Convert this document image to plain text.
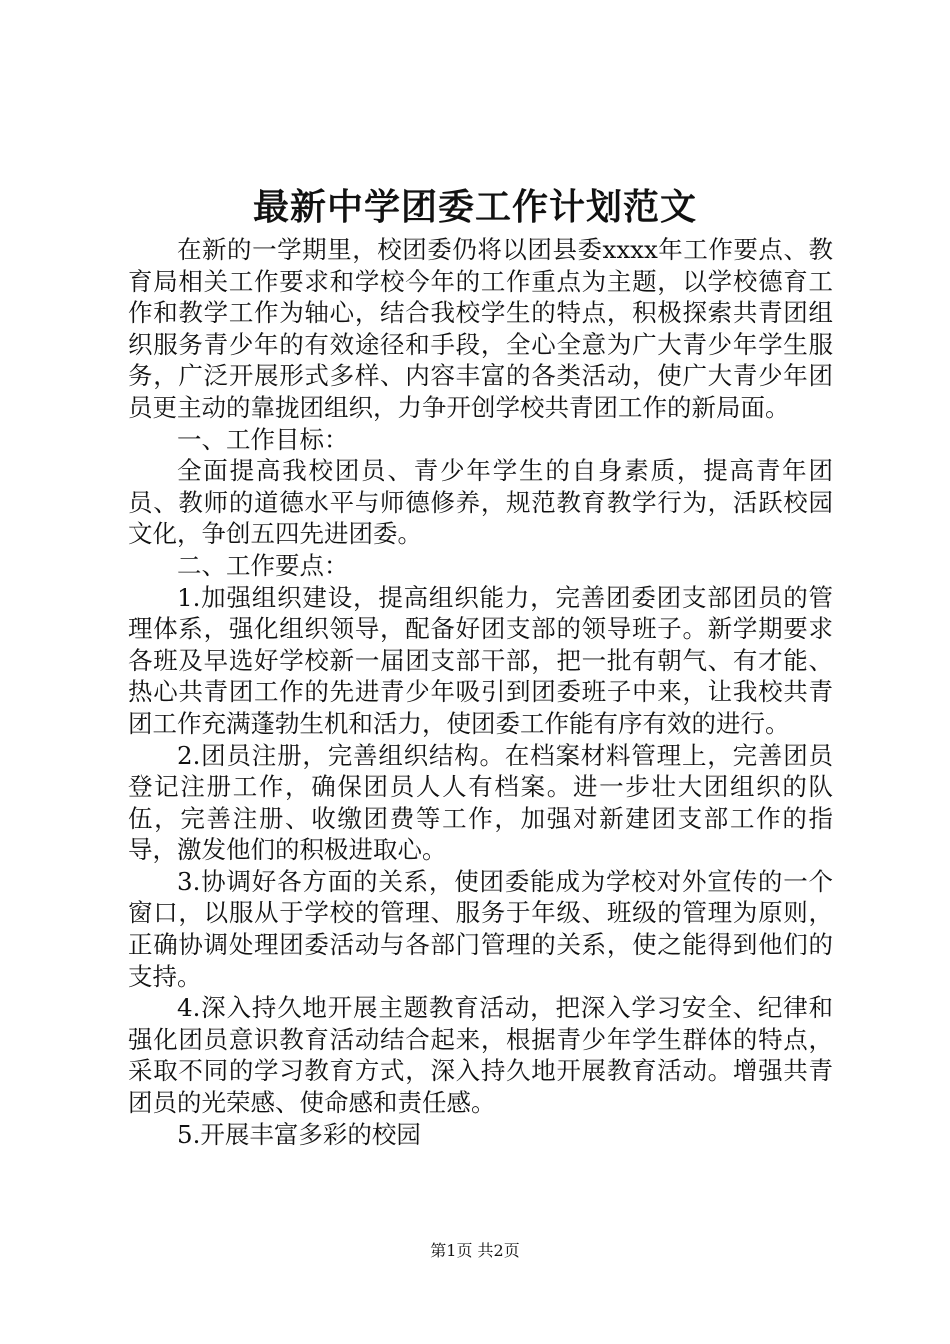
最新中学团委工作计划范文

在新的一学期里，校团委仍将以团县委xxxx年工作要点、教育局相关工作要求和学校今年的工作重点为主题，以学校德育工作和教学工作为轴心，结合我校学生的特点，积极探索共青团组织服务青少年的有效途径和手段，全心全意为广大青少年学生服务，广泛开展形式多样、内容丰富的各类活动，使广大青少年团员更主动的靠拢团组织，力争开创学校共青团工作的新局面。

一、工作目标：

全面提高我校团员、青少年学生的自身素质，提高青年团员、教师的道德水平与师德修养，规范教育教学行为，活跃校园文化，争创五四先进团委。

二、工作要点：

1.加强组织建设，提高组织能力，完善团委团支部团员的管理体系，强化组织领导，配备好团支部的领导班子。新学期要求各班及早选好学校新一届团支部干部，把一批有朝气、有才能、热心共青团工作的先进青少年吸引到团委班子中来，让我校共青团工作充满蓬勃生机和活力，使团委工作能有序有效的进行。

2.团员注册，完善组织结构。在档案材料管理上，完善团员登记注册工作，确保团员人人有档案。进一步壮大团组织的队伍，完善注册、收缴团费等工作，加强对新建团支部工作的指导，激发他们的积极进取心。

3.协调好各方面的关系，使团委能成为学校对外宣传的一个窗口，以服从于学校的管理、服务于年级、班级的管理为原则，正确协调处理团委活动与各部门管理的关系，使之能得到他们的支持。

4.深入持久地开展主题教育活动，把深入学习安全、纪律和强化团员意识教育活动结合起来，根据青少年学生群体的特点，采取不同的学习教育方式，深入持久地开展教育活动。增强共青团员的光荣感、使命感和责任感。

5.开展丰富多彩的校园

第1页 共2页
